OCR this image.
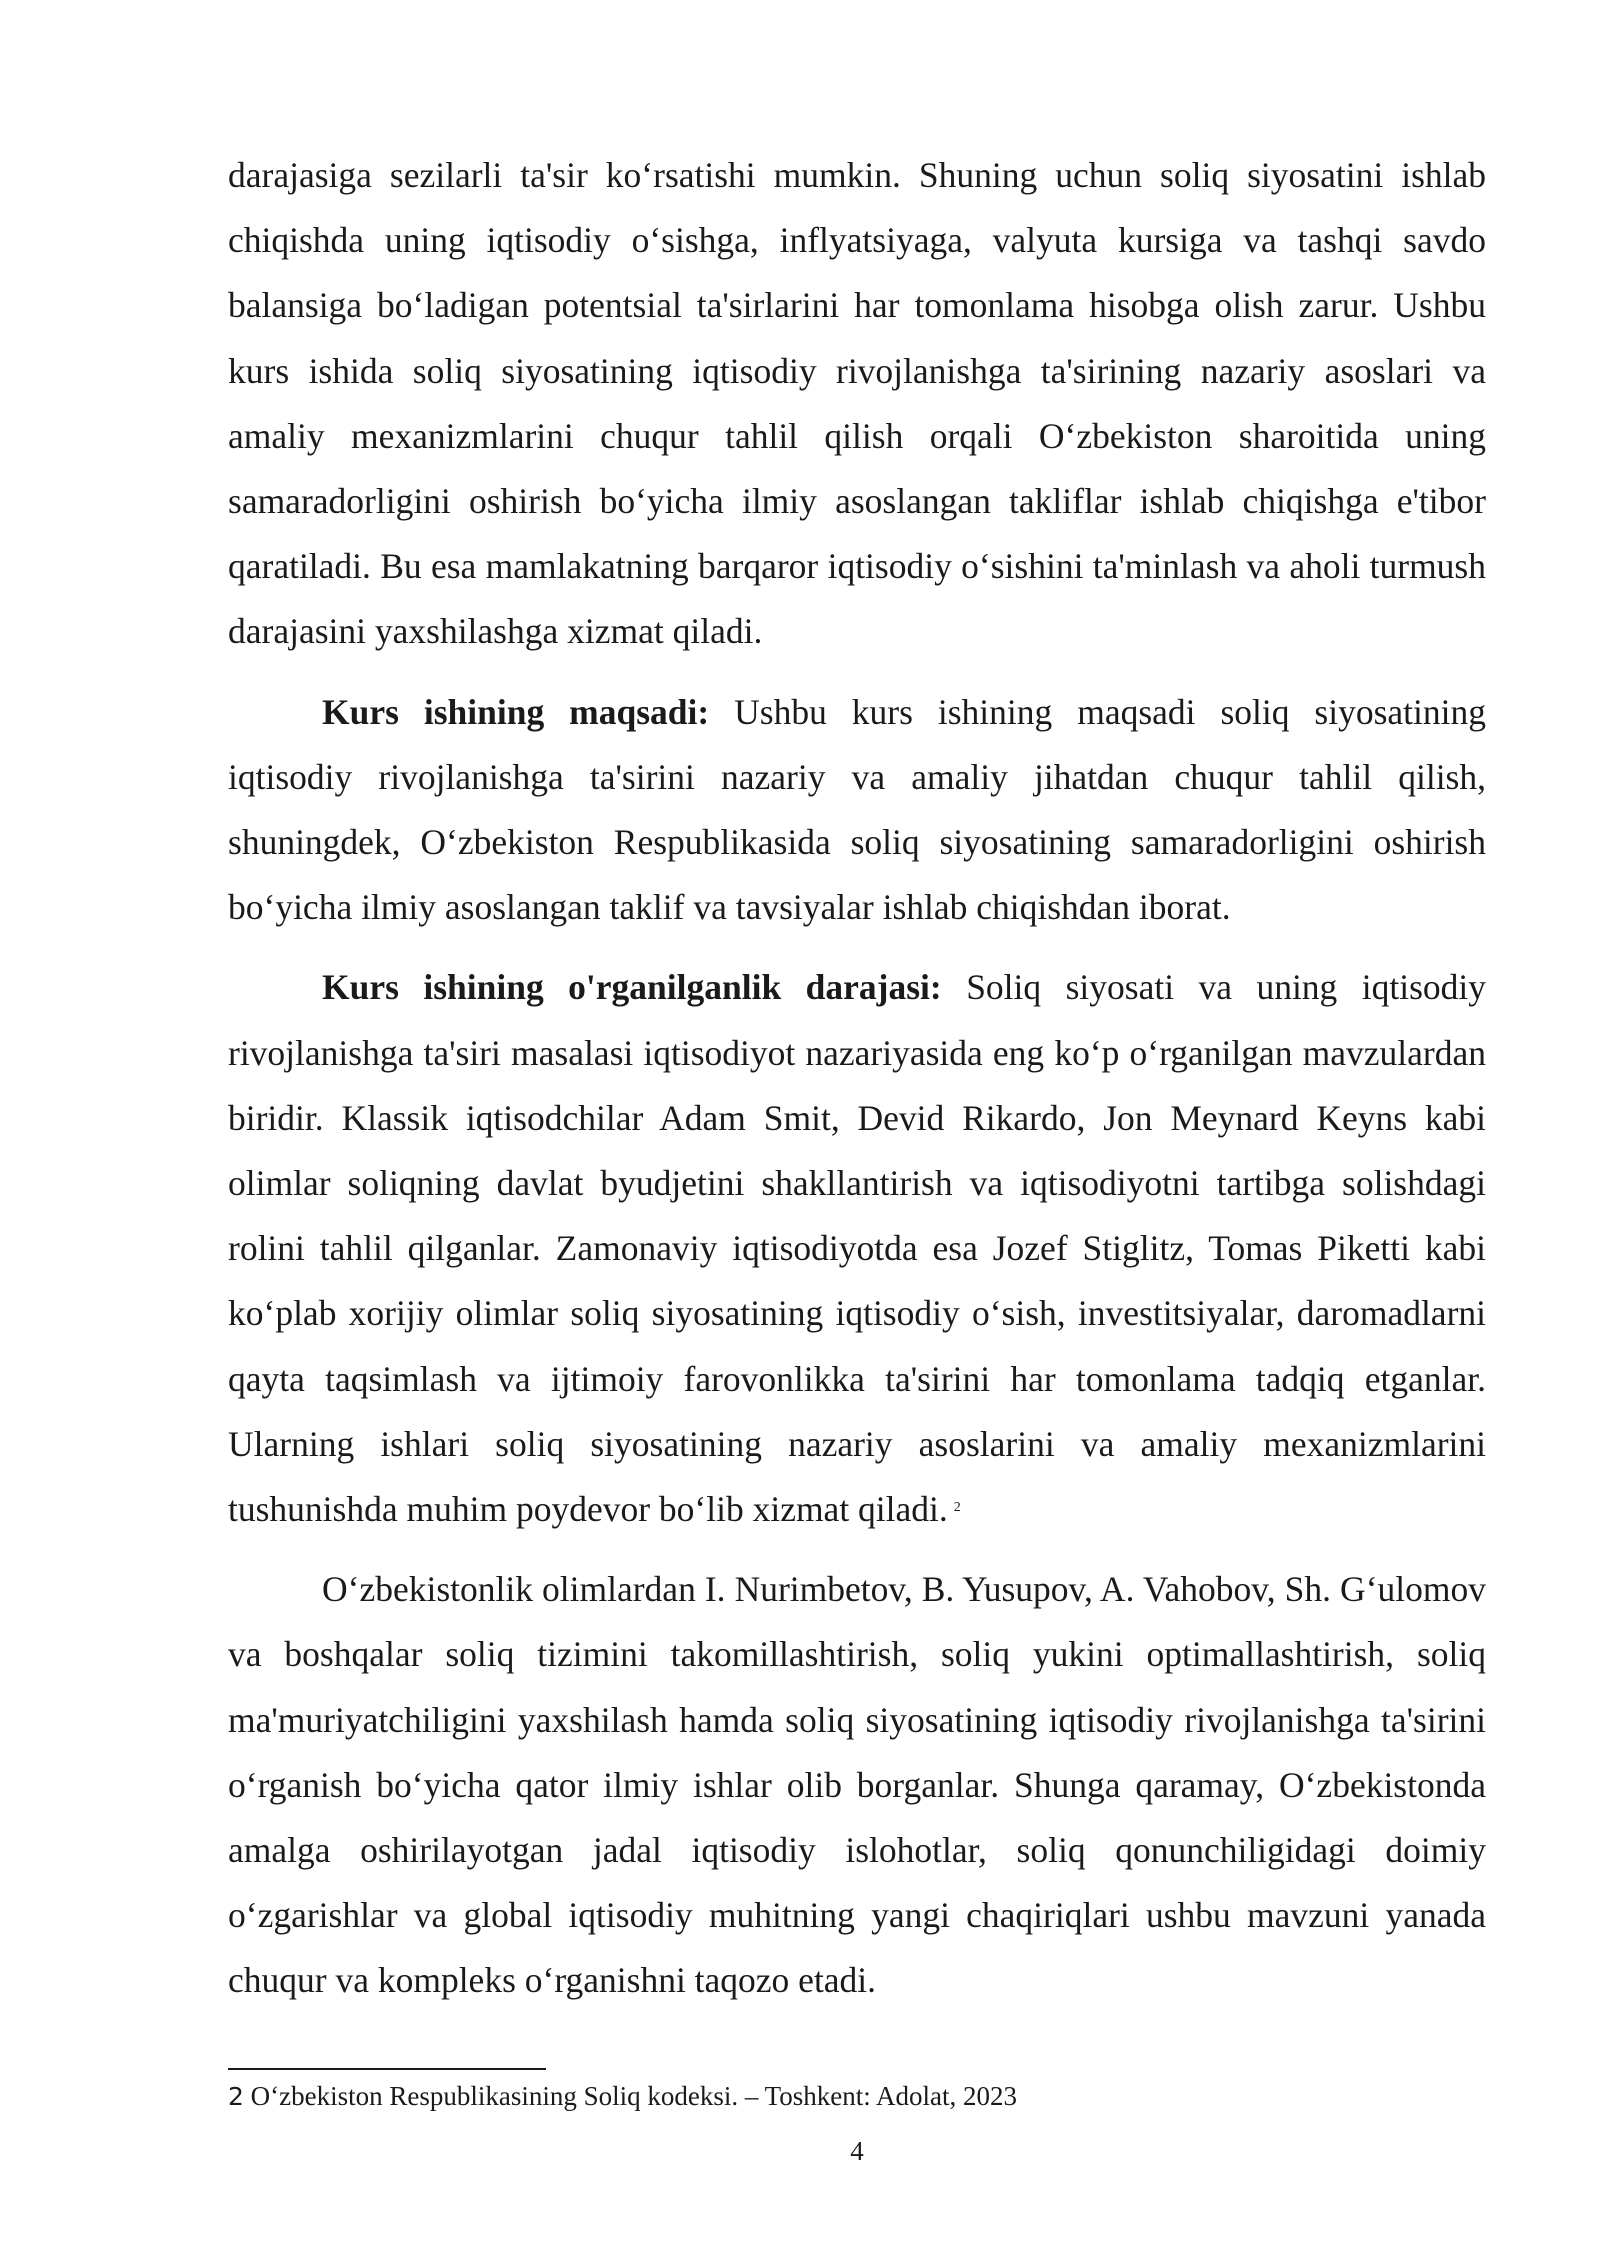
darajasiga sezilarli ta'sir ko‘rsatishi mumkin. Shuning uchun soliq siyosatini ishlab chiqishda uning iqtisodiy o‘sishga, inflyatsiyaga, valyuta kursiga va tashqi savdo balansiga bo‘ladigan potentsial ta'sirlarini har tomonlama hisobga olish zarur. Ushbu kurs ishida soliq siyosatining iqtisodiy rivojlanishga ta'sirining nazariy asoslari va amaliy mexanizmlarini chuqur tahlil qilish orqali O‘zbekiston sharoitida uning samaradorligini oshirish bo‘yicha ilmiy asoslangan takliflar ishlab chiqishga e'tibor qaratiladi. Bu esa mamlakatning barqaror iqtisodiy o‘sishini ta'minlash va aholi turmush darajasini yaxshilashga xizmat qiladi.

Kurs ishining maqsadi: Ushbu kurs ishining maqsadi soliq siyosatining iqtisodiy rivojlanishga ta'sirini nazariy va amaliy jihatdan chuqur tahlil qilish, shuningdek, O‘zbekiston Respublikasida soliq siyosatining samaradorligini oshirish bo‘yicha ilmiy asoslangan taklif va tavsiyalar ishlab chiqishdan iborat.

Kurs ishining o'rganilganlik darajasi: Soliq siyosati va uning iqtisodiy rivojlanishga ta'siri masalasi iqtisodiyot nazariyasida eng ko‘p o‘rganilgan mavzulardan biridir. Klassik iqtisodchilar Adam Smit, Devid Rikardo, Jon Meynard Keyns kabi olimlar soliqning davlat byudjetini shakllantirish va iqtisodiyotni tartibga solishdagi rolini tahlil qilganlar. Zamonaviy iqtisodiyotda esa Jozef Stiglitz, Tomas Piketti kabi ko‘plab xorijiy olimlar soliq siyosatining iqtisodiy o‘sish, investitsiyalar, daromadlarni qayta taqsimlash va ijtimoiy farovonlikka ta'sirini har tomonlama tadqiq etganlar. Ularning ishlari soliq siyosatining nazariy asoslarini va amaliy mexanizmlarini tushunishda muhim poydevor bo‘lib xizmat qiladi. $^2$

O‘zbekistonlik olimlardan I. Nurimbetov, B. Yusupov, A. Vahobov, Sh. G‘ulomov va boshqalar soliq tizimini takomillashtirish, soliq yukini optimallashtirish, soliq ma'muriyatchiligini yaxshilash hamda soliq siyosatining iqtisodiy rivojlanishga ta'sirini o‘rganish bo‘yicha qator ilmiy ishlar olib borganlar. Shunga qaramay, O‘zbekistonda amalga oshirilayotgan jadal iqtisodiy islohotlar, soliq qonunchiligidagi doimiy o‘zgarishlar va global iqtisodiy muhitning yangi chaqiriqlari ushbu mavzuni yanada chuqur va kompleks o‘rganishni taqozo etadi.

2 O‘zbekiston Respublikasining Soliq kodeksi. – Toshkent: Adolat, 2023
4
